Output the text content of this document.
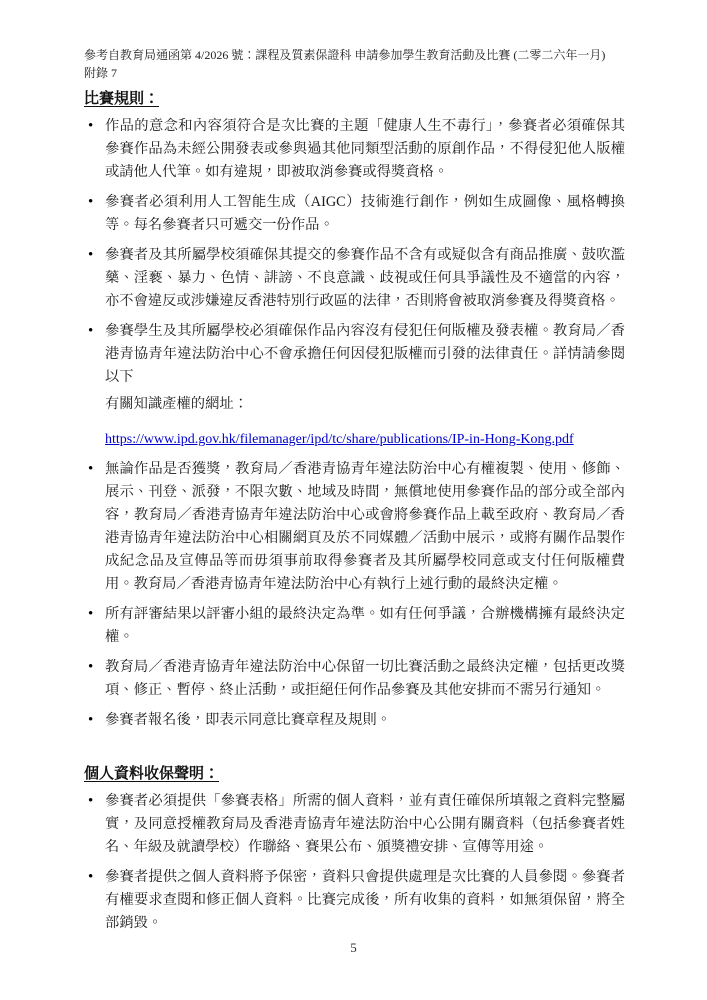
參考自教育局通函第 4/2026 號：課程及質素保證科 申請參加學生教育活動及比賽 (二零二六年一月)
附錄 7
比賽規則：
• 作品的意念和內容須符合是次比賽的主題「健康人生不毒行」，參賽者必須確保其參賽作品為未經公開發表或參與過其他同類型活動的原創作品，不得侵犯他人版權或請他人代筆。如有違規，即被取消參賽或得獎資格。
• 參賽者必須利用人工智能生成（AIGC）技術進行創作，例如生成圖像、風格轉換等。每名參賽者只可遞交一份作品。
• 參賽者及其所屬學校須確保其提交的參賽作品不含有或疑似含有商品推廣、鼓吹濫藥、淫褻、暴力、色情、誹謗、不良意識、歧視或任何具爭議性及不適當的內容，亦不會違反或涉嫌違反香港特別行政區的法律，否則將會被取消參賽及得獎資格。
• 參賽學生及其所屬學校必須確保作品內容沒有侵犯任何版權及發表權。教育局／香港青協青年違法防治中心不會承擔任何因侵犯版權而引發的法律責任。詳情請參閱以下
有關知識產權的網址：
https://www.ipd.gov.hk/filemanager/ipd/tc/share/publications/IP-in-Hong-Kong.pdf
• 無論作品是否獲獎，教育局／香港青協青年違法防治中心有權複製、使用、修飾、展示、刊登、派發，不限次數、地域及時間，無償地使用參賽作品的部分或全部內容，教育局／香港青協青年違法防治中心或會將參賽作品上載至政府、教育局／香港青協青年違法防治中心相關網頁及於不同媒體／活動中展示，或將有關作品製作成紀念品及宣傳品等而毋須事前取得參賽者及其所屬學校同意或支付任何版權費用。教育局／香港青協青年違法防治中心有執行上述行動的最終決定權。
• 所有評審結果以評審小組的最終決定為準。如有任何爭議，合辦機構擁有最終決定權。
• 教育局／香港青協青年違法防治中心保留一切比賽活動之最終決定權，包括更改獎項、修正、暫停、終止活動，或拒絕任何作品參賽及其他安排而不需另行通知。
• 參賽者報名後，即表示同意比賽章程及規則。
個人資料收保聲明：
• 參賽者必須提供「參賽表格」所需的個人資料，並有責任確保所填報之資料完整屬實，及同意授權教育局及香港青協青年違法防治中心公開有關資料（包括參賽者姓名、年級及就讀學校）作聯絡、賽果公布、頒獎禮安排、宣傳等用途。
• 參賽者提供之個人資料將予保密，資料只會提供處理是次比賽的人員參閱。參賽者有權要求查閱和修正個人資料。比賽完成後，所有收集的資料，如無須保留，將全部銷毀。
5
